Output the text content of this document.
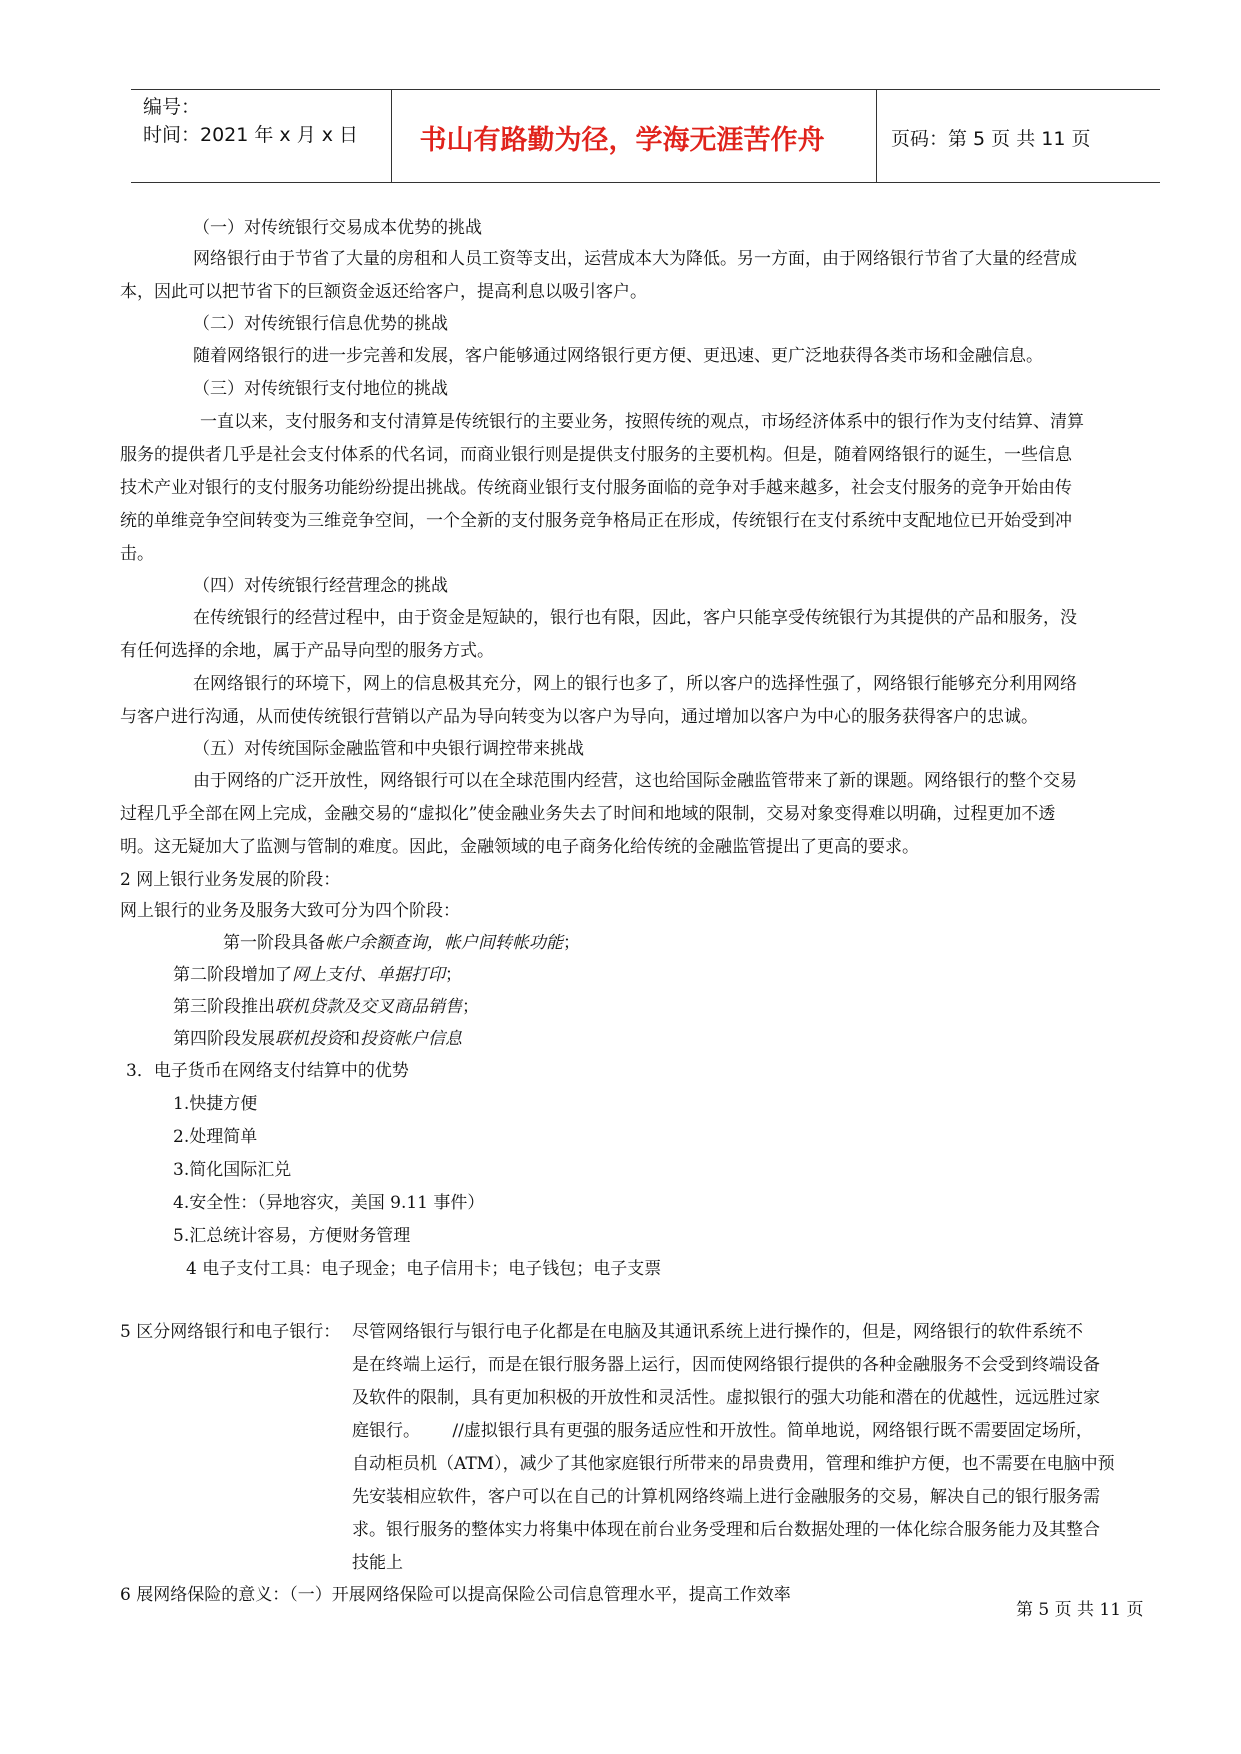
编号：
时间：2021 年 x 月 x 日 书山有路勤为径，学海无涯苦作舟	页码：第 5 页 共 11 页
（一）对传统银行交易成本优势的挑战
网络银行由于节省了大量的房租和人员工资等支出，运营成本大为降低。另一方面，由于网络银行节省了大量的经营成
本，因此可以把节省下的巨额资金返还给客户，提高利息以吸引客户。
（二）对传统银行信息优势的挑战
随着网络银行的进一步完善和发展，客户能够通过网络银行更方便、更迅速、更广泛地获得各类市场和金融信息。
（三）对传统银行支付地位的挑战
一直以来，支付服务和支付清算是传统银行的主要业务，按照传统的观点，市场经济体系中的银行作为支付结算、清算
服务的提供者几乎是社会支付体系的代名词，而商业银行则是提供支付服务的主要机构。但是，随着网络银行的诞生，一些信息
技术产业对银行的支付服务功能纷纷提出挑战。传统商业银行支付服务面临的竞争对手越来越多，社会支付服务的竞争开始由传
统的单维竞争空间转变为三维竞争空间，一个全新的支付服务竞争格局正在形成，传统银行在支付系统中支配地位已开始受到冲
击。
（四）对传统银行经营理念的挑战
在传统银行的经营过程中，由于资金是短缺的，银行也有限，因此，客户只能享受传统银行为其提供的产品和服务，没
有任何选择的余地，属于产品导向型的服务方式。
在网络银行的环境下，网上的信息极其充分，网上的银行也多了，所以客户的选择性强了，网络银行能够充分利用网络
与客户进行沟通，从而使传统银行营销以产品为导向转变为以客户为导向，通过增加以客户为中心的服务获得客户的忠诚。
（五）对传统国际金融监管和中央银行调控带来挑战
由于网络的广泛开放性，网络银行可以在全球范围内经营，这也给国际金融监管带来了新的课题。网络银行的整个交易
过程几乎全部在网上完成，金融交易的“虚拟化”使金融业务失去了时间和地域的限制，交易对象变得难以明确，过程更加不透
明。这无疑加大了监测与管制的难度。因此，金融领域的电子商务化给传统的金融监管提出了更高的要求。
2 网上银行业务发展的阶段：
网上银行的业务及服务大致可分为四个阶段：
第一阶段具备帐户余额查询，帐户间转帐功能；
第二阶段增加了网上支付、单据打印；
第三阶段推出联机贷款及交叉商品销售；
第四阶段发展联机投资和投资帐户信息
3．电子货币在网络支付结算中的优势
1.快捷方便
2.处理简单
3.简化国际汇兑
4.安全性：（异地容灾，美国 9.11 事件）
5.汇总统计容易，方便财务管理
4 电子支付工具：电子现金；电子信用卡；电子钱包；电子支票
5 区分网络银行和电子银行： 尽管网络银行与银行电子化都是在电脑及其通讯系统上进行操作的，但是，网络银行的软件系统不
是在终端上运行，而是在银行服务器上运行，因而使网络银行提供的各种金融服务不会受到终端设备
及软件的限制，具有更加积极的开放性和灵活性。虚拟银行的强大功能和潜在的优越性，远远胜过家
庭银行。      //虚拟银行具有更强的服务适应性和开放性。简单地说，网络银行既不需要固定场所，
自动柜员机（ATM），减少了其他家庭银行所带来的昂贵费用，管理和维护方便，也不需要在电脑中预
先安装相应软件，客户可以在自己的计算机网络终端上进行金融服务的交易，解决自己的银行服务需
求。银行服务的整体实力将集中体现在前台业务受理和后台数据处理的一体化综合服务能力及其整合
技能上
6 展网络保险的意义：（一）开展网络保险可以提高保险公司信息管理水平，提高工作效率
第 5 页 共 11 页
